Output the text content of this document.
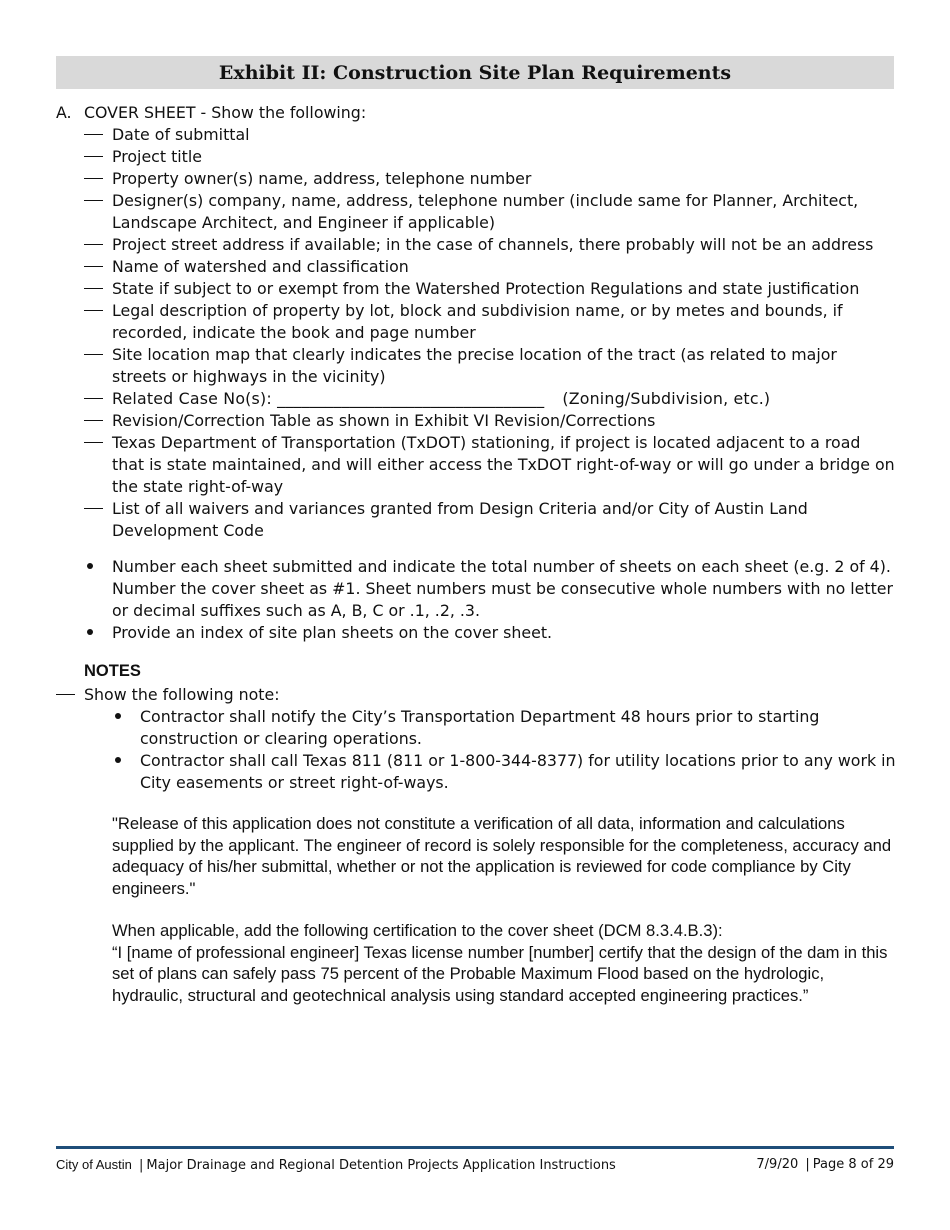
Exhibit II: Construction Site Plan Requirements
A. COVER SHEET - Show the following:
Date of submittal
Project title
Property owner(s) name, address, telephone number
Designer(s) company, name, address, telephone number (include same for Planner, Architect, Landscape Architect, and Engineer if applicable)
Project street address if available; in the case of channels, there probably will not be an address
Name of watershed and classification
State if subject to or exempt from the Watershed Protection Regulations and state justification
Legal description of property by lot, block and subdivision name, or by metes and bounds, if recorded, indicate the book and page number
Site location map that clearly indicates the precise location of the tract (as related to major streets or highways in the vicinity)
Related Case No(s): _________________________________ (Zoning/Subdivision, etc.)
Revision/Correction Table as shown in Exhibit VI Revision/Corrections
Texas Department of Transportation (TxDOT) stationing, if project is located adjacent to a road that is state maintained, and will either access the TxDOT right-of-way or will go under a bridge on the state right-of-way
List of all waivers and variances granted from Design Criteria and/or City of Austin Land Development Code
Number each sheet submitted and indicate the total number of sheets on each sheet (e.g. 2 of 4). Number the cover sheet as #1. Sheet numbers must be consecutive whole numbers with no letter or decimal suffixes such as A, B, C or .1, .2, .3.
Provide an index of site plan sheets on the cover sheet.
NOTES
Show the following note:
Contractor shall notify the City’s Transportation Department 48 hours prior to starting construction or clearing operations.
Contractor shall call Texas 811 (811 or 1-800-344-8377) for utility locations prior to any work in City easements or street right-of-ways.
"Release of this application does not constitute a verification of all data, information and calculations supplied by the applicant. The engineer of record is solely responsible for the completeness, accuracy and adequacy of his/her submittal, whether or not the application is reviewed for code compliance by City engineers."
When applicable, add the following certification to the cover sheet (DCM 8.3.4.B.3):
“I [name of professional engineer] Texas license number [number] certify that the design of the dam in this set of plans can safely pass 75 percent of the Probable Maximum Flood based on the hydrologic, hydraulic, structural and geotechnical analysis using standard accepted engineering practices.”
City of Austin | Major Drainage and Regional Detention Projects Application Instructions	7/9/20 | Page 8 of 29
